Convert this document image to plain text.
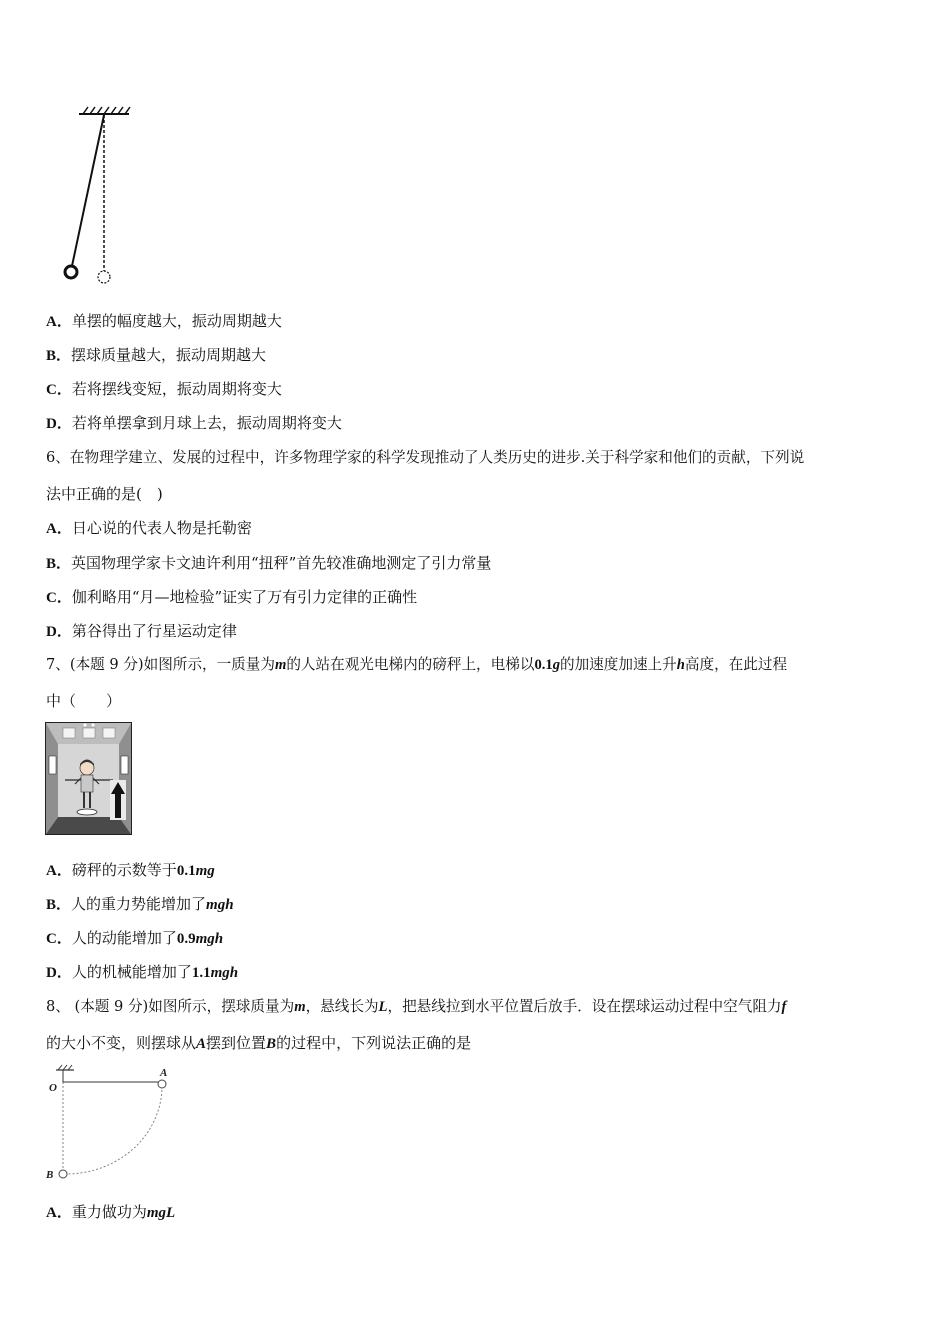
A．单摆的幅度越大，振动周期越大
B．摆球质量越大，振动周期越大
C．若将摆线变短，振动周期将变大
D．若将单摆拿到月球上去，振动周期将变大
6、在物理学建立、发展的过程中，许多物理学家的科学发现推动了人类历史的进步.关于科学家和他们的贡献，下列说
法中正确的是(　)
A．日心说的代表人物是托勒密
B．英国物理学家卡文迪许利用“扭秤”首先较准确地测定了引力常量
C．伽利略用“月—地检验”证实了万有引力定律的正确性
D．第谷得出了行星运动定律
7、(本题 9 分)如图所示，一质量为m的人站在观光电梯内的磅秤上，电梯以0.1g的加速度加速上升h高度，在此过程
中（　　）
A．磅秤的示数等于0.1mg
B．人的重力势能增加了mgh
C．人的动能增加了0.9mgh
D．人的机械能增加了1.1mgh
8、 (本题 9 分)如图所示，摆球质量为m，悬线长为L，把悬线拉到水平位置后放手．设在摆球运动过程中空气阻力f
的大小不变，则摆球从A摆到位置B的过程中，下列说法正确的是
O
A
B
A．重力做功为mgL
